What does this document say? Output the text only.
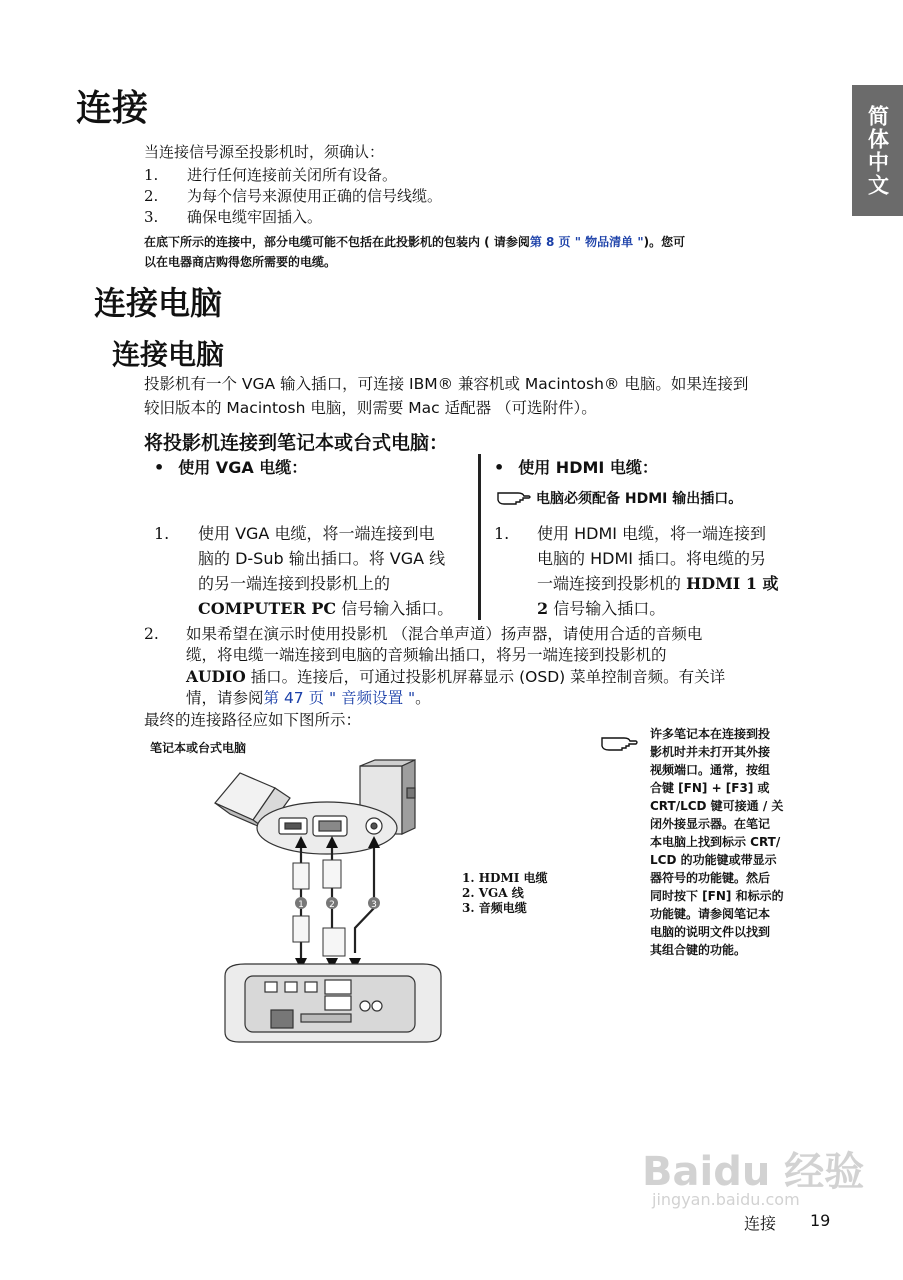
简体中文
连接
当连接信号源至投影机时，须确认：
1. 进行任何连接前关闭所有设备。
2. 为每个信号来源使用正确的信号线缆。
3. 确保电缆牢固插入。
在底下所示的连接中，部分电缆可能不包括在此投影机的包装内 ( 请参阅第 8 页 " 物品清单 ")。您可
以在电器商店购得您所需要的电缆。
连接电脑
连接电脑
投影机有一个 VGA 输入插口，可连接 IBM® 兼容机或 Macintosh® 电脑。如果连接到
较旧版本的 Macintosh 电脑，则需要 Mac 适配器 （可选附件）。
将投影机连接到笔记本或台式电脑：
• 使用 VGA 电缆：
1. 使用 VGA 电缆，将一端连接到电
脑的 D-Sub 输出插口。将 VGA 线
的另一端连接到投影机上的
COMPUTER PC 信号输入插口。
• 使用 HDMI 电缆：
电脑必须配备 HDMI 输出插口。
1. 使用 HDMI 电缆，将一端连接到
电脑的 HDMI 插口。将电缆的另
一端连接到投影机的 HDMI 1 或
2 信号输入插口。
2. 如果希望在演示时使用投影机 （混合单声道）扬声器，请使用合适的音频电
缆，将电缆一端连接到电脑的音频输出插口，将另一端连接到投影机的
AUDIO 插口。连接后，可通过投影机屏幕显示 (OSD) 菜单控制音频。有关详
情，请参阅第 47 页 " 音频设置 "。
最终的连接路径应如下图所示：
笔记本或台式电脑
1	2	3
1. HDMI 电缆
2. VGA 线
3. 音频电缆
许多笔记本在连接到投
影机时并未打开其外接
视频端口。通常，按组
合键 [FN] + [F3] 或
CRT/LCD 键可接通 / 关
闭外接显示器。在笔记
本电脑上找到标示 CRT/
LCD 的功能键或带显示
器符号的功能键。然后
同时按下 [FN] 和标示的
功能键。请参阅笔记本
电脑的说明文件以找到
其组合键的功能。
Baidu 经验
jingyan.baidu.com
连接 19
